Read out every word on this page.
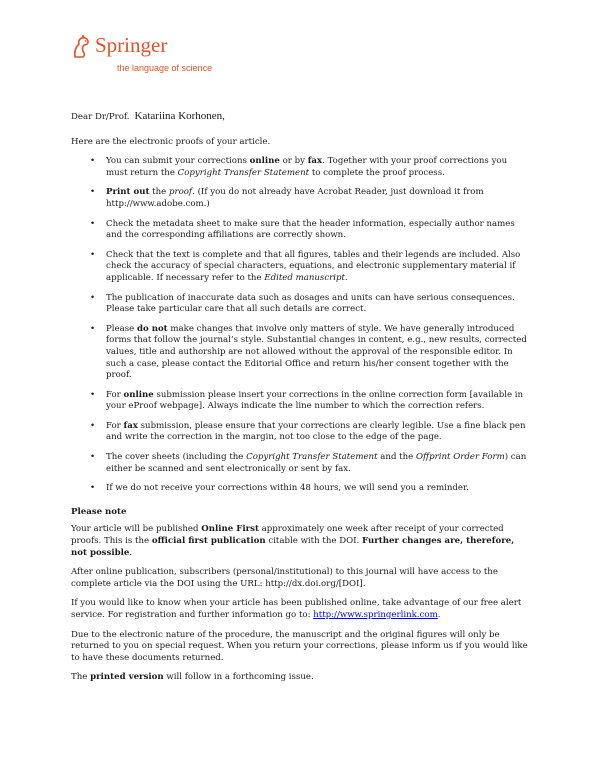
Springer
the language of science

Dear Dr/Prof. Katariina Korhonen,

Here are the electronic proofs of your article.

• You can submit your corrections online or by fax. Together with your proof corrections you must return the Copyright Transfer Statement to complete the proof process.
• Print out the proof. (If you do not already have Acrobat Reader, just download it from http://www.adobe.com.)
• Check the metadata sheet to make sure that the header information, especially author names and the corresponding affiliations are correctly shown.
• Check that the text is complete and that all figures, tables and their legends are included. Also check the accuracy of special characters, equations, and electronic supplementary material if applicable. If necessary refer to the Edited manuscript.
• The publication of inaccurate data such as dosages and units can have serious consequences. Please take particular care that all such details are correct.
• Please do not make changes that involve only matters of style. We have generally introduced forms that follow the journal’s style. Substantial changes in content, e.g., new results, corrected values, title and authorship are not allowed without the approval of the responsible editor. In such a case, please contact the Editorial Office and return his/her consent together with the proof.
• For online submission please insert your corrections in the online correction form [available in your eProof webpage]. Always indicate the line number to which the correction refers.
• For fax submission, please ensure that your corrections are clearly legible. Use a fine black pen and write the correction in the margin, not too close to the edge of the page.
• The cover sheets (including the Copyright Transfer Statement and the Offprint Order Form) can either be scanned and sent electronically or sent by fax.
• If we do not receive your corrections within 48 hours, we will send you a reminder.
Please note

Your article will be published Online First approximately one week after receipt of your corrected proofs. This is the official first publication citable with the DOI. Further changes are, therefore, not possible.

After online publication, subscribers (personal/institutional) to this journal will have access to the complete article via the DOI using the URL: http://dx.doi.org/[DOI].

If you would like to know when your article has been published online, take advantage of our free alert service. For registration and further information go to: http://www.springerlink.com.

Due to the electronic nature of the procedure, the manuscript and the original figures will only be returned to you on special request. When you return your corrections, please inform us if you would like to have these documents returned.

The printed version will follow in a forthcoming issue.
